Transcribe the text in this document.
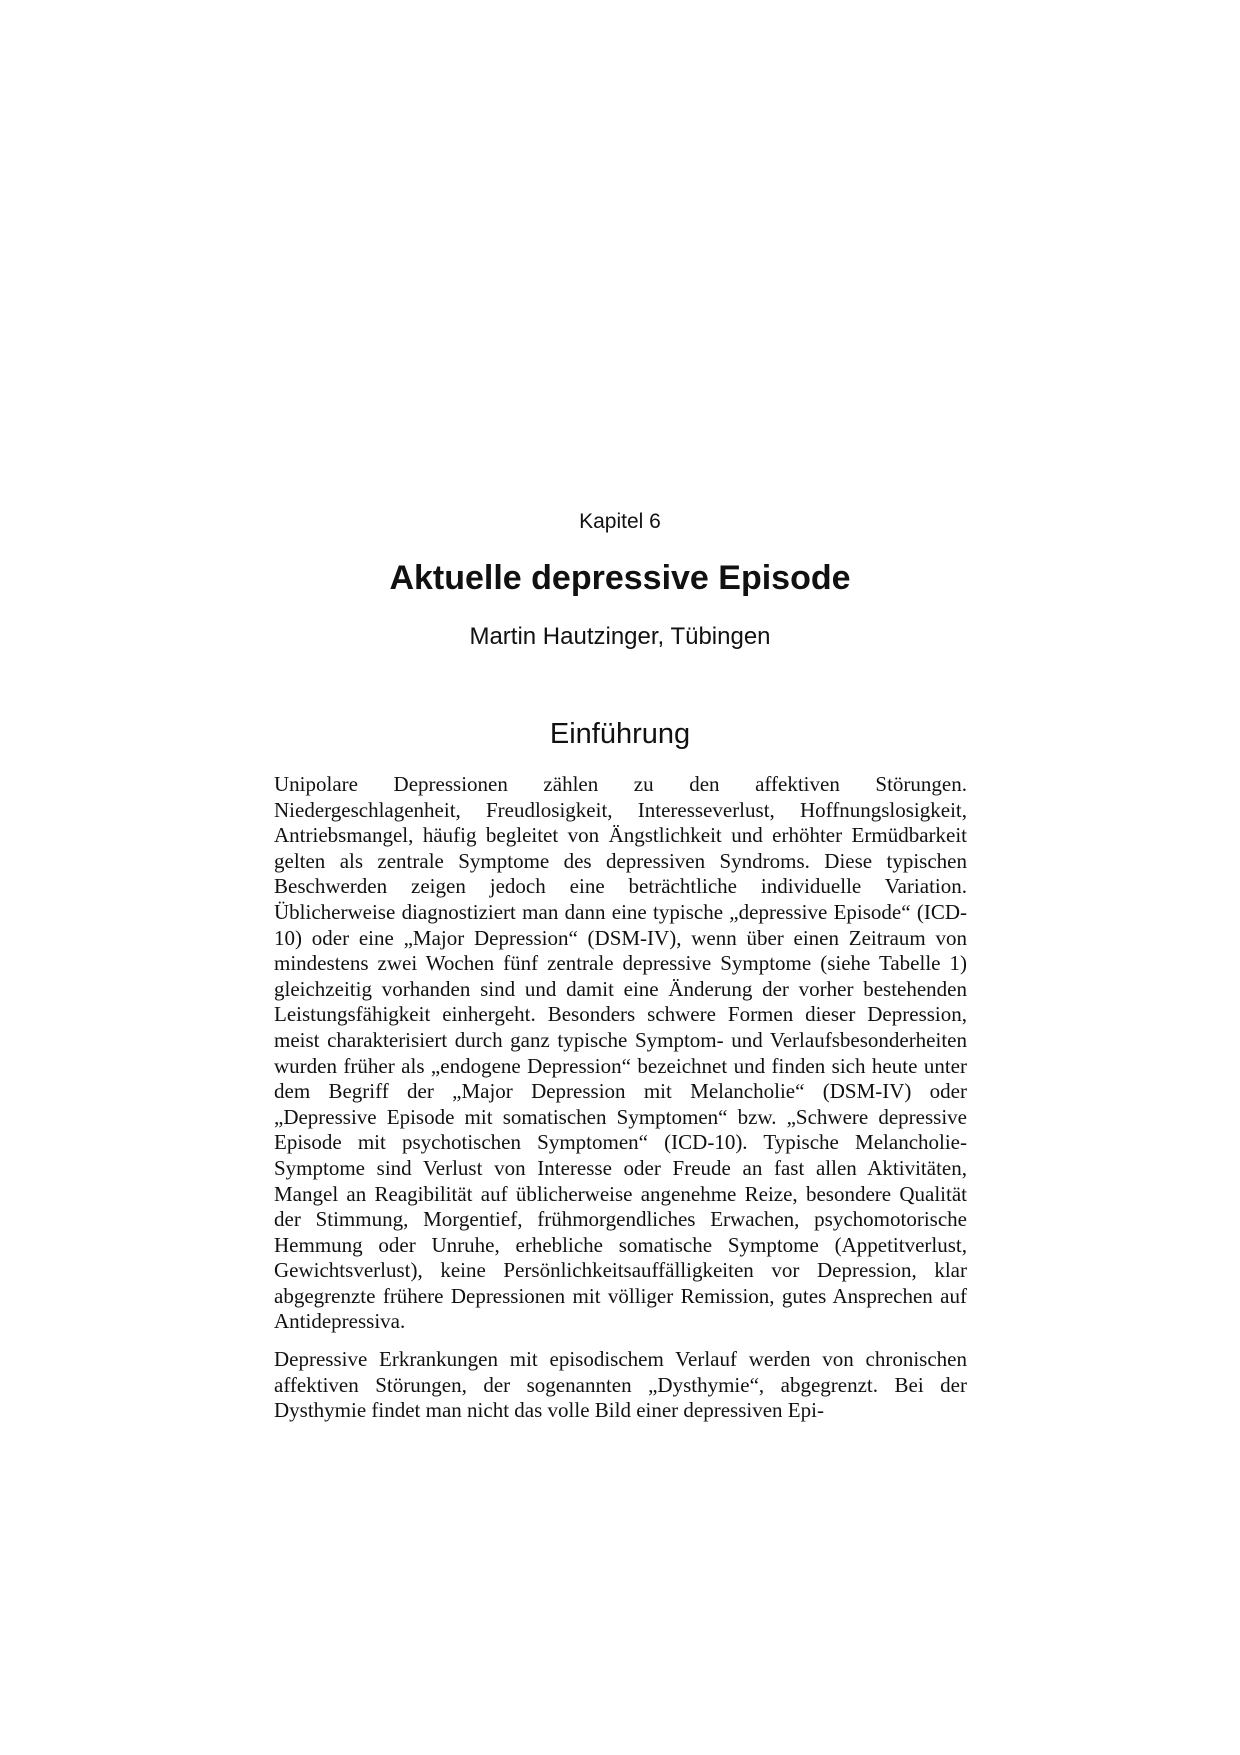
Kapitel 6
Aktuelle depressive Episode
Martin Hautzinger, Tübingen
Einführung

Unipolare Depressionen zählen zu den affektiven Störungen. Niedergeschlagenheit, Freudlosigkeit, Interesseverlust, Hoffnungslosigkeit, Antriebsmangel, häufig begleitet von Ängstlichkeit und erhöhter Ermüdbarkeit gelten als zentrale Symptome des depressiven Syndroms. Diese typischen Beschwerden zeigen jedoch eine beträchtliche individuelle Variation. Üblicherweise diagnostiziert man dann eine typische „depressive Episode“ (ICD-10) oder eine „Major Depression“ (DSM-IV), wenn über einen Zeitraum von mindestens zwei Wochen fünf zentrale depressive Symptome (siehe Tabelle 1) gleichzeitig vorhanden sind und damit eine Änderung der vorher bestehenden Leistungsfähigkeit einhergeht. Besonders schwere Formen dieser Depression, meist charakterisiert durch ganz typische Symptom- und Verlaufsbesonderheiten wurden früher als „endogene Depression“ bezeichnet und finden sich heute unter dem Begriff der „Major Depression mit Melancholie“ (DSM-IV) oder „Depressive Episode mit somatischen Symptomen“ bzw. „Schwere depressive Episode mit psychotischen Symptomen“ (ICD-10). Typische Melancholie-Symptome sind Verlust von Interesse oder Freude an fast allen Aktivitäten, Mangel an Reagibilität auf üblicherweise angenehme Reize, besondere Qualität der Stimmung, Morgentief, frühmorgendliches Erwachen, psychomotorische Hemmung oder Unruhe, erhebliche somatische Symptome (Appetitverlust, Gewichtsverlust), keine Persönlichkeitsauffälligkeiten vor Depression, klar abgegrenzte frühere Depressionen mit völliger Remission, gutes Ansprechen auf Antidepressiva.

Depressive Erkrankungen mit episodischem Verlauf werden von chronischen affektiven Störungen, der sogenannten „Dysthymie“, abgegrenzt. Bei der Dysthymie findet man nicht das volle Bild einer depressiven Epi-
